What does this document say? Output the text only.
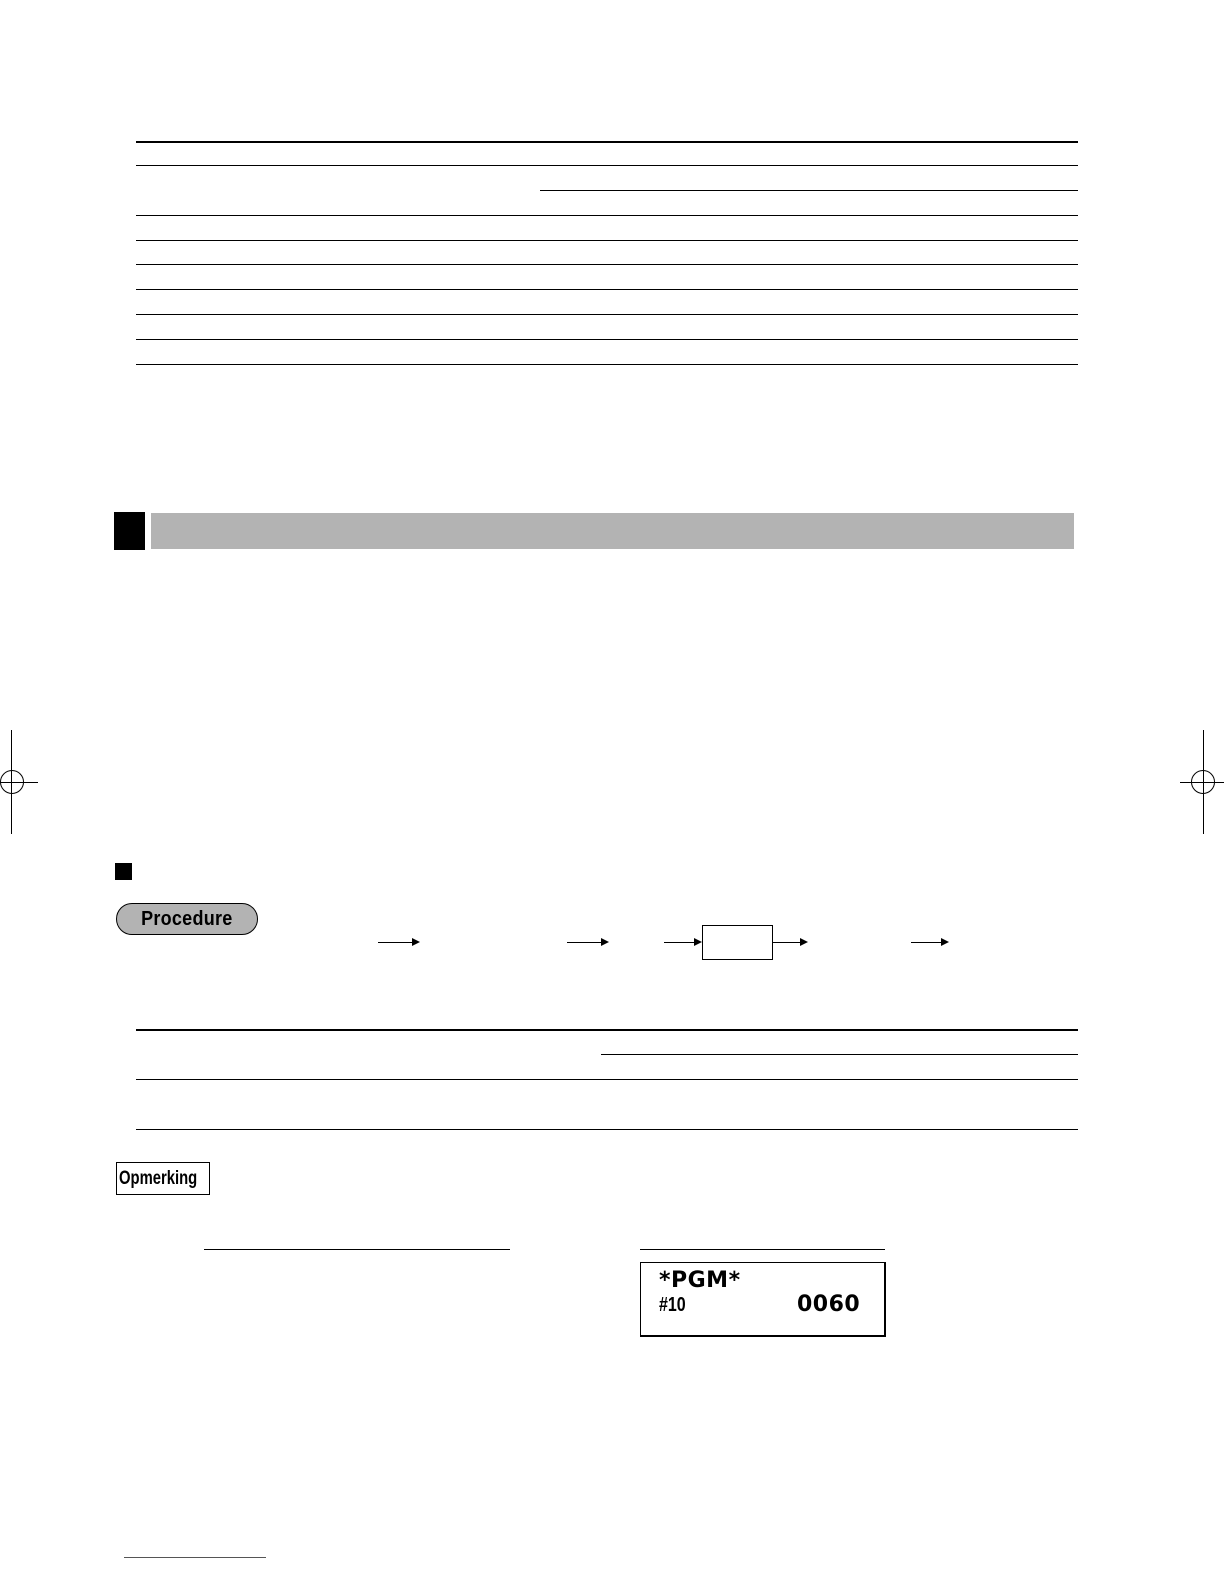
Procedure
Opmerking
*PGM*
#10	0060
